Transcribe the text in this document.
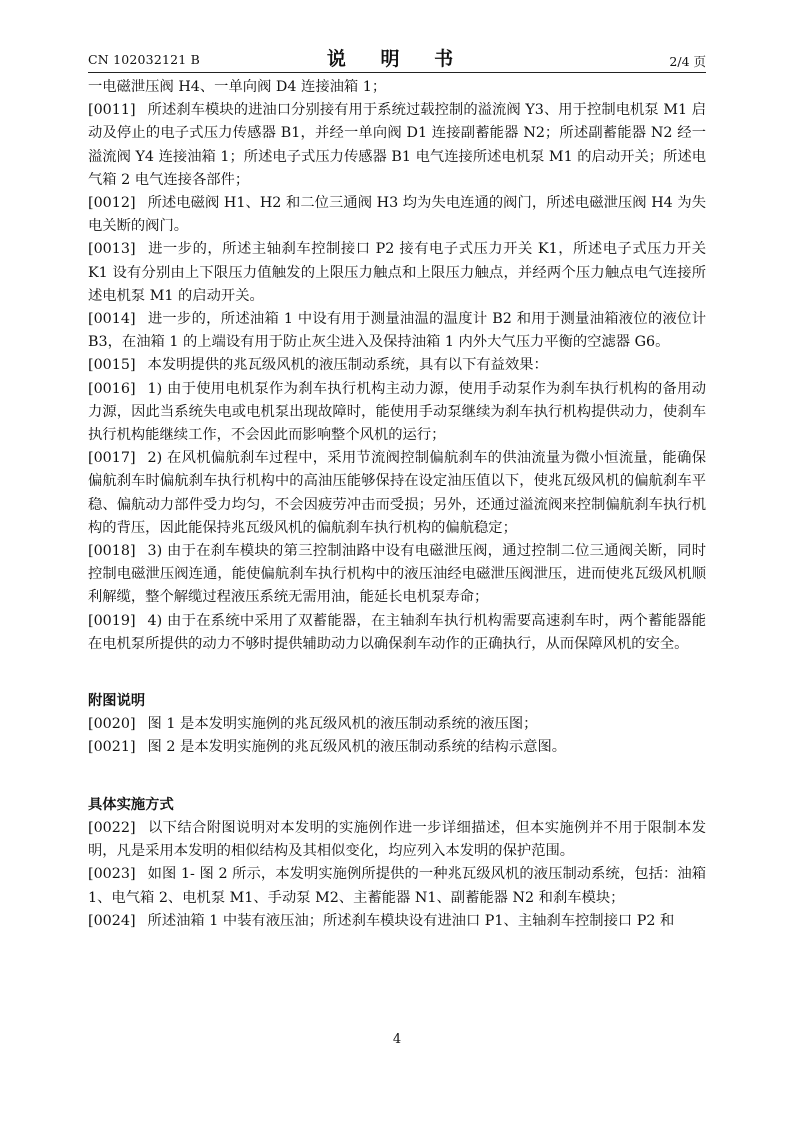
CN 102032121 B	说 明 书	2/4 页

一电磁泄压阀 H4、一单向阀 D4 连接油箱 1；

[0011] 所述刹车模块的进油口分别接有用于系统过载控制的溢流阀 Y3、用于控制电机泵 M1 启动及停止的电子式压力传感器 B1，并经一单向阀 D1 连接副蓄能器 N2；所述副蓄能器 N2 经一溢流阀 Y4 连接油箱 1；所述电子式压力传感器 B1 电气连接所述电机泵 M1 的启动开关；所述电气箱 2 电气连接各部件；

[0012] 所述电磁阀 H1、H2 和二位三通阀 H3 均为失电连通的阀门，所述电磁泄压阀 H4 为失电关断的阀门。

[0013] 进一步的，所述主轴刹车控制接口 P2 接有电子式压力开关 K1，所述电子式压力开关 K1 设有分别由上下限压力值触发的上限压力触点和上限压力触点，并经两个压力触点电气连接所述电机泵 M1 的启动开关。

[0014] 进一步的，所述油箱 1 中设有用于测量油温的温度计 B2 和用于测量油箱液位的液位计 B3，在油箱 1 的上端设有用于防止灰尘进入及保持油箱 1 内外大气压力平衡的空滤器 G6。

[0015] 本发明提供的兆瓦级风机的液压制动系统，具有以下有益效果：

[0016] 1) 由于使用电机泵作为刹车执行机构主动力源，使用手动泵作为刹车执行机构的备用动力源，因此当系统失电或电机泵出现故障时，能使用手动泵继续为刹车执行机构提供动力，使刹车执行机构能继续工作，不会因此而影响整个风机的运行；

[0017] 2) 在风机偏航刹车过程中，采用节流阀控制偏航刹车的供油流量为微小恒流量，能确保偏航刹车时偏航刹车执行机构中的高油压能够保持在设定油压值以下，使兆瓦级风机的偏航刹车平稳、偏航动力部件受力均匀，不会因疲劳冲击而受损；另外，还通过溢流阀来控制偏航刹车执行机构的背压，因此能保持兆瓦级风机的偏航刹车执行机构的偏航稳定；

[0018] 3) 由于在刹车模块的第三控制油路中设有电磁泄压阀，通过控制二位三通阀关断，同时控制电磁泄压阀连通，能使偏航刹车执行机构中的液压油经电磁泄压阀泄压，进而使兆瓦级风机顺利解缆，整个解缆过程液压系统无需用油，能延长电机泵寿命；

[0019] 4) 由于在系统中采用了双蓄能器，在主轴刹车执行机构需要高速刹车时，两个蓄能器能在电机泵所提供的动力不够时提供辅助动力以确保刹车动作的正确执行，从而保障风机的安全。

附图说明

[0020] 图 1 是本发明实施例的兆瓦级风机的液压制动系统的液压图；

[0021] 图 2 是本发明实施例的兆瓦级风机的液压制动系统的结构示意图。

具体实施方式

[0022] 以下结合附图说明对本发明的实施例作进一步详细描述，但本实施例并不用于限制本发明，凡是采用本发明的相似结构及其相似变化，均应列入本发明的保护范围。

[0023] 如图 1- 图 2 所示，本发明实施例所提供的一种兆瓦级风机的液压制动系统，包括：油箱 1、电气箱 2、电机泵 M1、手动泵 M2、主蓄能器 N1、副蓄能器 N2 和刹车模块；

[0024] 所述油箱 1 中装有液压油；所述刹车模块设有进油口 P1、主轴刹车控制接口 P2 和

4
